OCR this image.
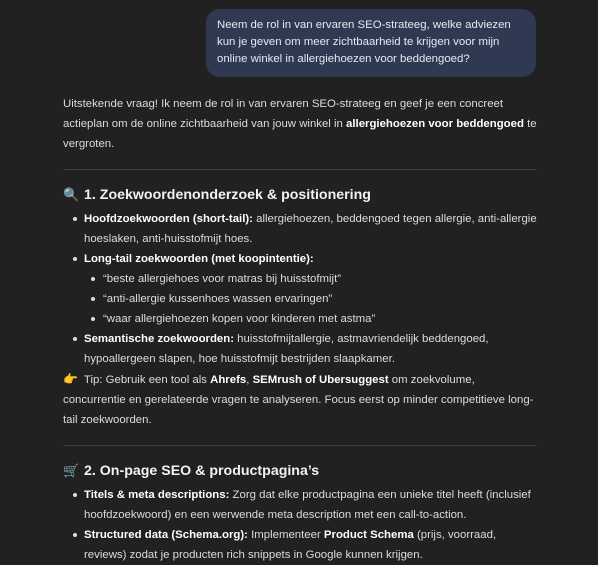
Neem de rol in van ervaren SEO-strateeg, welke adviezen kun je geven om meer zichtbaarheid te krijgen voor mijn online winkel in allergiehoezen voor beddengoed?

Uitstekende vraag! Ik neem de rol in van ervaren SEO-strateeg en geef je een concreet actieplan om de online zichtbaarheid van jouw winkel in allergiehoezen voor beddengoed te vergroten.

🔍 1. Zoekwoordenonderzoek & positionering
Hoofdzoekwoorden (short-tail): allergiehoezen, beddengoed tegen allergie, anti-allergie hoeslaken, anti-huisstofmijt hoes.
Long-tail zoekwoorden (met koopintentie):
“beste allergiehoes voor matras bij huisstofmijt”
“anti-allergie kussenhoes wassen ervaringen”
“waar allergiehoezen kopen voor kinderen met astma”
Semantische zoekwoorden: huisstofmijtallergie, astmavriendelijk beddengoed, hypoallergeen slapen, hoe huisstofmijt bestrijden slaapkamer.

👉 Tip: Gebruik een tool als Ahrefs, SEMrush of Ubersuggest om zoekvolume, concurrentie en gerelateerde vragen te analyseren. Focus eerst op minder competitieve long-tail zoekwoorden.

🛒 2. On-page SEO & productpagina’s
Titels & meta descriptions: Zorg dat elke productpagina een unieke titel heeft (inclusief hoofdzoekwoord) en een werwende meta description met een call-to-action.
Structured data (Schema.org): Implementeer Product Schema (prijs, voorraad, reviews) zodat je producten rich snippets in Google kunnen krijgen.
